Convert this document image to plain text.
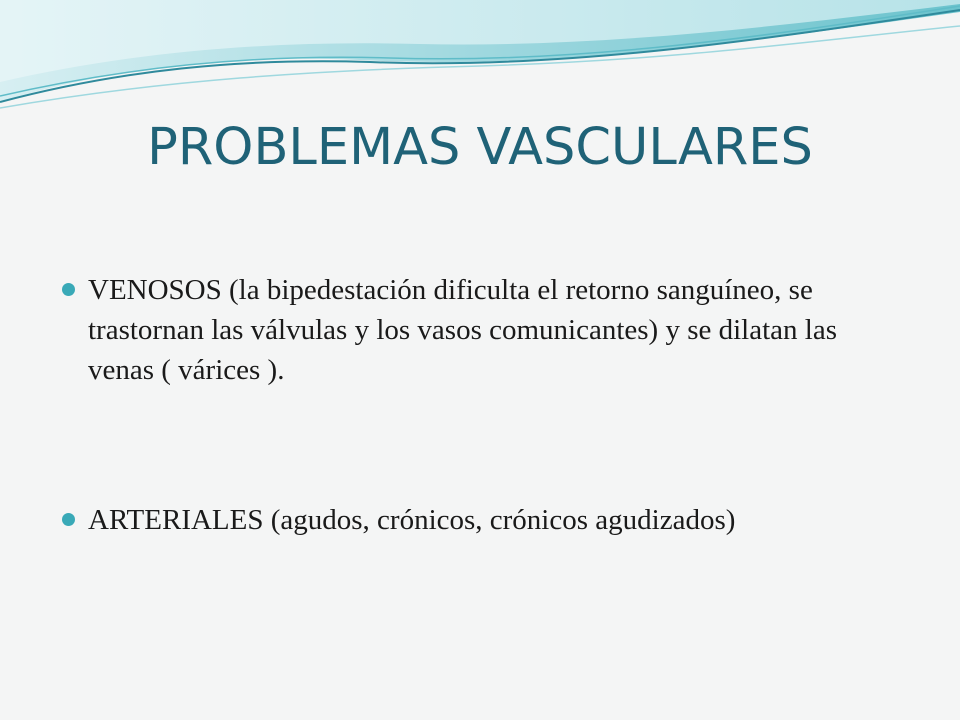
PROBLEMAS VASCULARES
VENOSOS (la bipedestación dificulta el retorno sanguíneo, se trastornan las válvulas y los vasos comunicantes) y se dilatan las venas ( várices ).
ARTERIALES (agudos, crónicos, crónicos agudizados)
